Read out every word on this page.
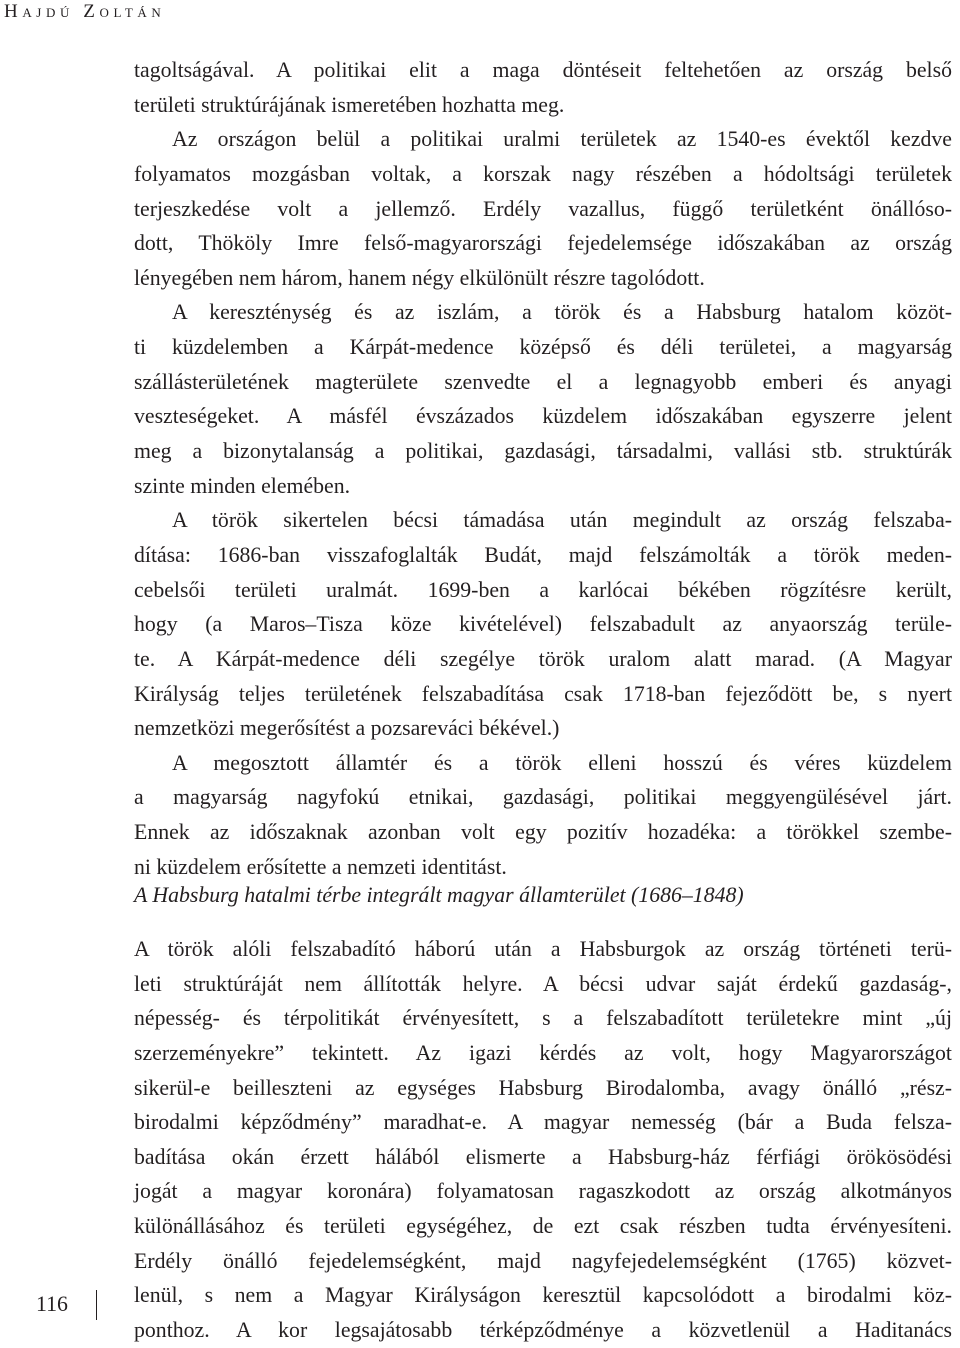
Hajdú Zoltán
tagoltságával. A politikai elit a maga döntéseit feltehetően az ország belső
területi struktúrájának ismeretében hozhatta meg.
Az országon belül a politikai uralmi területek az 1540-es évektől kezdve
folyamatos mozgásban voltak, a korszak nagy részében a hódoltsági területek
terjeszkedése volt a jellemző. Erdély vazallus, függő területként önállóso-
dott, Thököly Imre felső-magyarországi fejedelemsége időszakában az ország
lényegében nem három, hanem négy elkülönült részre tagolódott.
A kereszténység és az iszlám, a török és a Habsburg hatalom közöt-
ti küzdelemben a Kárpát-medence középső és déli területei, a magyarság
szállásterületének magterülete szenvedte el a legnagyobb emberi és anyagi
veszteségeket. A másfél évszázados küzdelem időszakában egyszerre jelent
meg a bizonytalanság a politikai, gazdasági, társadalmi, vallási stb. struktúrák
szinte minden elemében.
A török sikertelen bécsi támadása után megindult az ország felszaba-
dítása: 1686-ban visszafoglalták Budát, majd felszámolták a török meden-
cebelsői területi uralmát. 1699-ben a karlócai békében rögzítésre került,
hogy (a Maros–Tisza köze kivételével) felszabadult az anyaország terüle-
te. A Kárpát-medence déli szegélye török uralom alatt marad. (A Magyar
Királyság teljes területének felszabadítása csak 1718-ban fejeződött be, s nyert
nemzetközi megerősítést a pozsareváci békével.)
A megosztott államtér és a török elleni hosszú és véres küzdelem
a magyarság nagyfokú etnikai, gazdasági, politikai meggyengülésével járt.
Ennek az időszaknak azonban volt egy pozitív hozadéka: a törökkel szembe-
ni küzdelem erősítette a nemzeti identitást.
A Habsburg hatalmi térbe integrált magyar államterület (1686–1848)
A török alóli felszabadító háború után a Habsburgok az ország történeti terü-
leti struktúráját nem állították helyre. A bécsi udvar saját érdekű gazdaság-,
népesség- és térpolitikát érvényesített, s a felszabadított területekre mint „új
szerzeményekre” tekintett. Az igazi kérdés az volt, hogy Magyarországot
sikerül-e beilleszteni az egységes Habsburg Birodalomba, avagy önálló „rész-
birodalmi képződmény” maradhat-e. A magyar nemesség (bár a Buda felsza-
badítása okán érzett hálából elismerte a Habsburg-ház férfiági örökösödési
jogát a magyar koronára) folyamatosan ragaszkodott az ország alkotmányos
különállásához és területi egységéhez, de ezt csak részben tudta érvényesíteni.
Erdély önálló fejedelemségként, majd nagyfejedelemségként (1765) közvet-
lenül, s nem a Magyar Királyságon keresztül kapcsolódott a birodalmi köz-
ponthoz. A kor legsajátosabb térképződménye a közvetlenül a Haditanács
116
